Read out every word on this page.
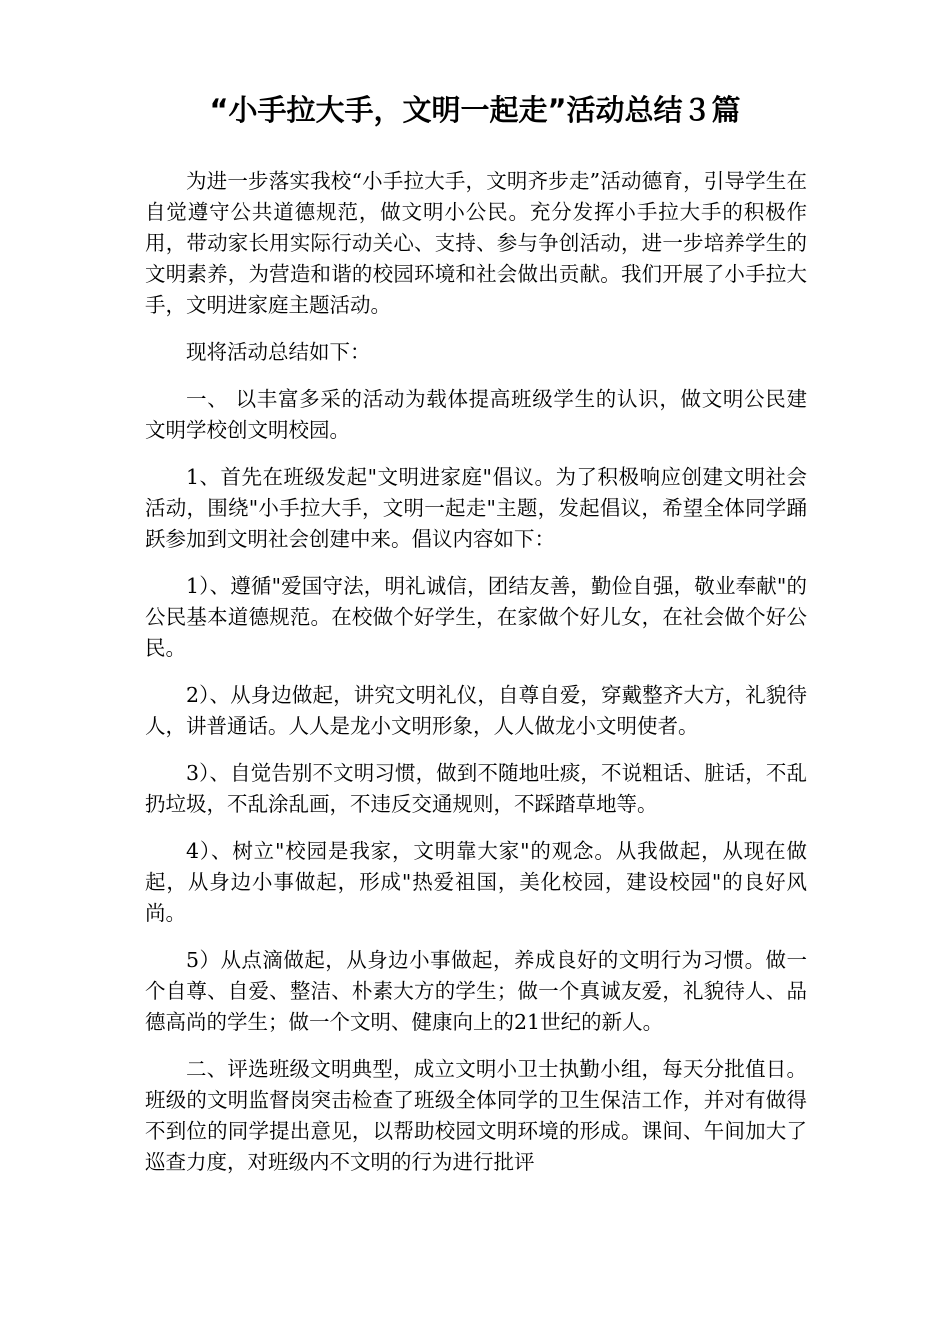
“小手拉大手，文明一起走”活动总结３篇

为进一步落实我校“小手拉大手，文明齐步走”活动德育，引导学生在自觉遵守公共道德规范，做文明小公民。充分发挥小手拉大手的积极作用，带动家长用实际行动关心、支持、参与争创活动，进一步培养学生的文明素养，为营造和谐的校园环境和社会做出贡献。我们开展了小手拉大手，文明进家庭主题活动。

现将活动总结如下：

一、 以丰富多采的活动为载体提高班级学生的认识，做文明公民建文明学校创文明校园。

1、首先在班级发起"文明进家庭"倡议。为了积极响应创建文明社会活动，围绕"小手拉大手，文明一起走"主题，发起倡议，希望全体同学踊跃参加到文明社会创建中来。倡议内容如下：

1）、遵循"爱国守法，明礼诚信，团结友善，勤俭自强，敬业奉献"的公民基本道德规范。在校做个好学生，在家做个好儿女，在社会做个好公民。

2）、从身边做起，讲究文明礼仪，自尊自爱，穿戴整齐大方，礼貌待人，讲普通话。人人是龙小文明形象，人人做龙小文明使者。

3）、自觉告别不文明习惯，做到不随地吐痰，不说粗话、脏话，不乱扔垃圾，不乱涂乱画，不违反交通规则，不踩踏草地等。

4）、树立"校园是我家，文明靠大家"的观念。从我做起，从现在做起，从身边小事做起，形成"热爱祖国，美化校园，建设校园"的良好风尚。

5）从点滴做起，从身边小事做起，养成良好的文明行为习惯。做一个自尊、自爱、整洁、朴素大方的学生；做一个真诚友爱，礼貌待人、品德高尚的学生；做一个文明、健康向上的21世纪的新人。

二、评选班级文明典型，成立文明小卫士执勤小组，每天分批值日。班级的文明监督岗突击检查了班级全体同学的卫生保洁工作，并对有做得不到位的同学提出意见，以帮助校园文明环境的形成。课间、午间加大了巡查力度，对班级内不文明的行为进行批评
